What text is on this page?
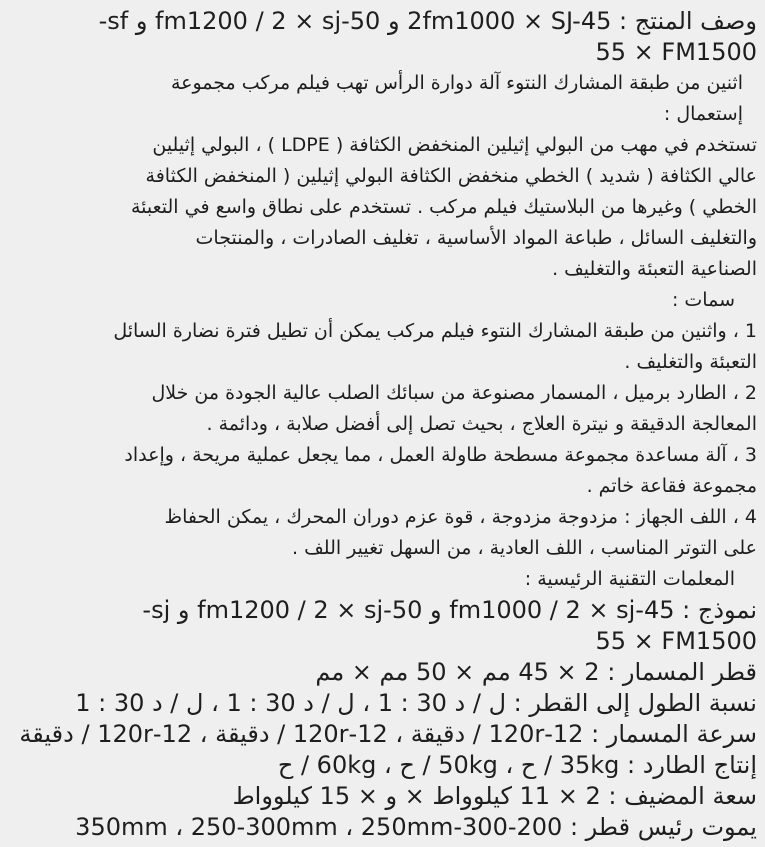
وصف المنتج : 2fm1000 × SJ-45 و fm1200 / 2 × sj-50 و sf-
55 × FM1500
اثنين من طبقة المشارك النتوء آلة دوارة الرأس تهب فيلم مركب مجموعة
إستعمال :
تستخدم في مهب من البولي إثيلين المنخفض الكثافة ( LDPE ) ، البولي إثيلين
عالي الكثافة ( شديد ) الخطي منخفض الكثافة البولي إثيلين ( المنخفض الكثافة
الخطي ) وغيرها من البلاستيك فيلم مركب . تستخدم على نطاق واسع في التعبئة
والتغليف السائل ، طباعة المواد الأساسية ، تغليف الصادرات ، والمنتجات
الصناعية التعبئة والتغليف .
سمات :
1 ، واثنين من طبقة المشارك النتوء فيلم مركب يمكن أن تطيل فترة نضارة السائل
التعبئة والتغليف .
2 ، الطارد برميل ، المسمار مصنوعة من سبائك الصلب عالية الجودة من خلال
المعالجة الدقيقة و نيترة العلاج ، بحيث تصل إلى أفضل صلابة ، ودائمة .
3 ، آلة مساعدة مجموعة مسطحة طاولة العمل ، مما يجعل عملية مريحة ، وإعداد
مجموعة فقاعة خاتم .
4 ، اللف الجهاز : مزدوجة مزدوجة ، قوة عزم دوران المحرك ، يمكن الحفاظ
على التوتر المناسب ، اللف العادية ، من السهل تغيير اللف .
المعلمات التقنية الرئيسية :
نموذج : fm1000 / 2 × sj-45 و fm1200 / 2 × sj-50 و sj-
55 × FM1500
قطر المسمار : 2 × 45 مم × 50 مم × مم
نسبة الطول إلى القطر : ل / د 30 : 1 ، ل / د 30 : 1 ، ل / د 30 : 1
سرعة المسمار : 12-120r / دقيقة ، 12-120r / دقيقة ، 12-120r / دقيقة
إنتاج الطارد : 35kg / ح ، 50kg / ح ، 60kg / ح
سعة المضيف : 2 × 11 كيلوواط × و × 15 كيلوواط
يموت رئيس قطر : 200-300-350mm ، 250-300mm ، 250mm
